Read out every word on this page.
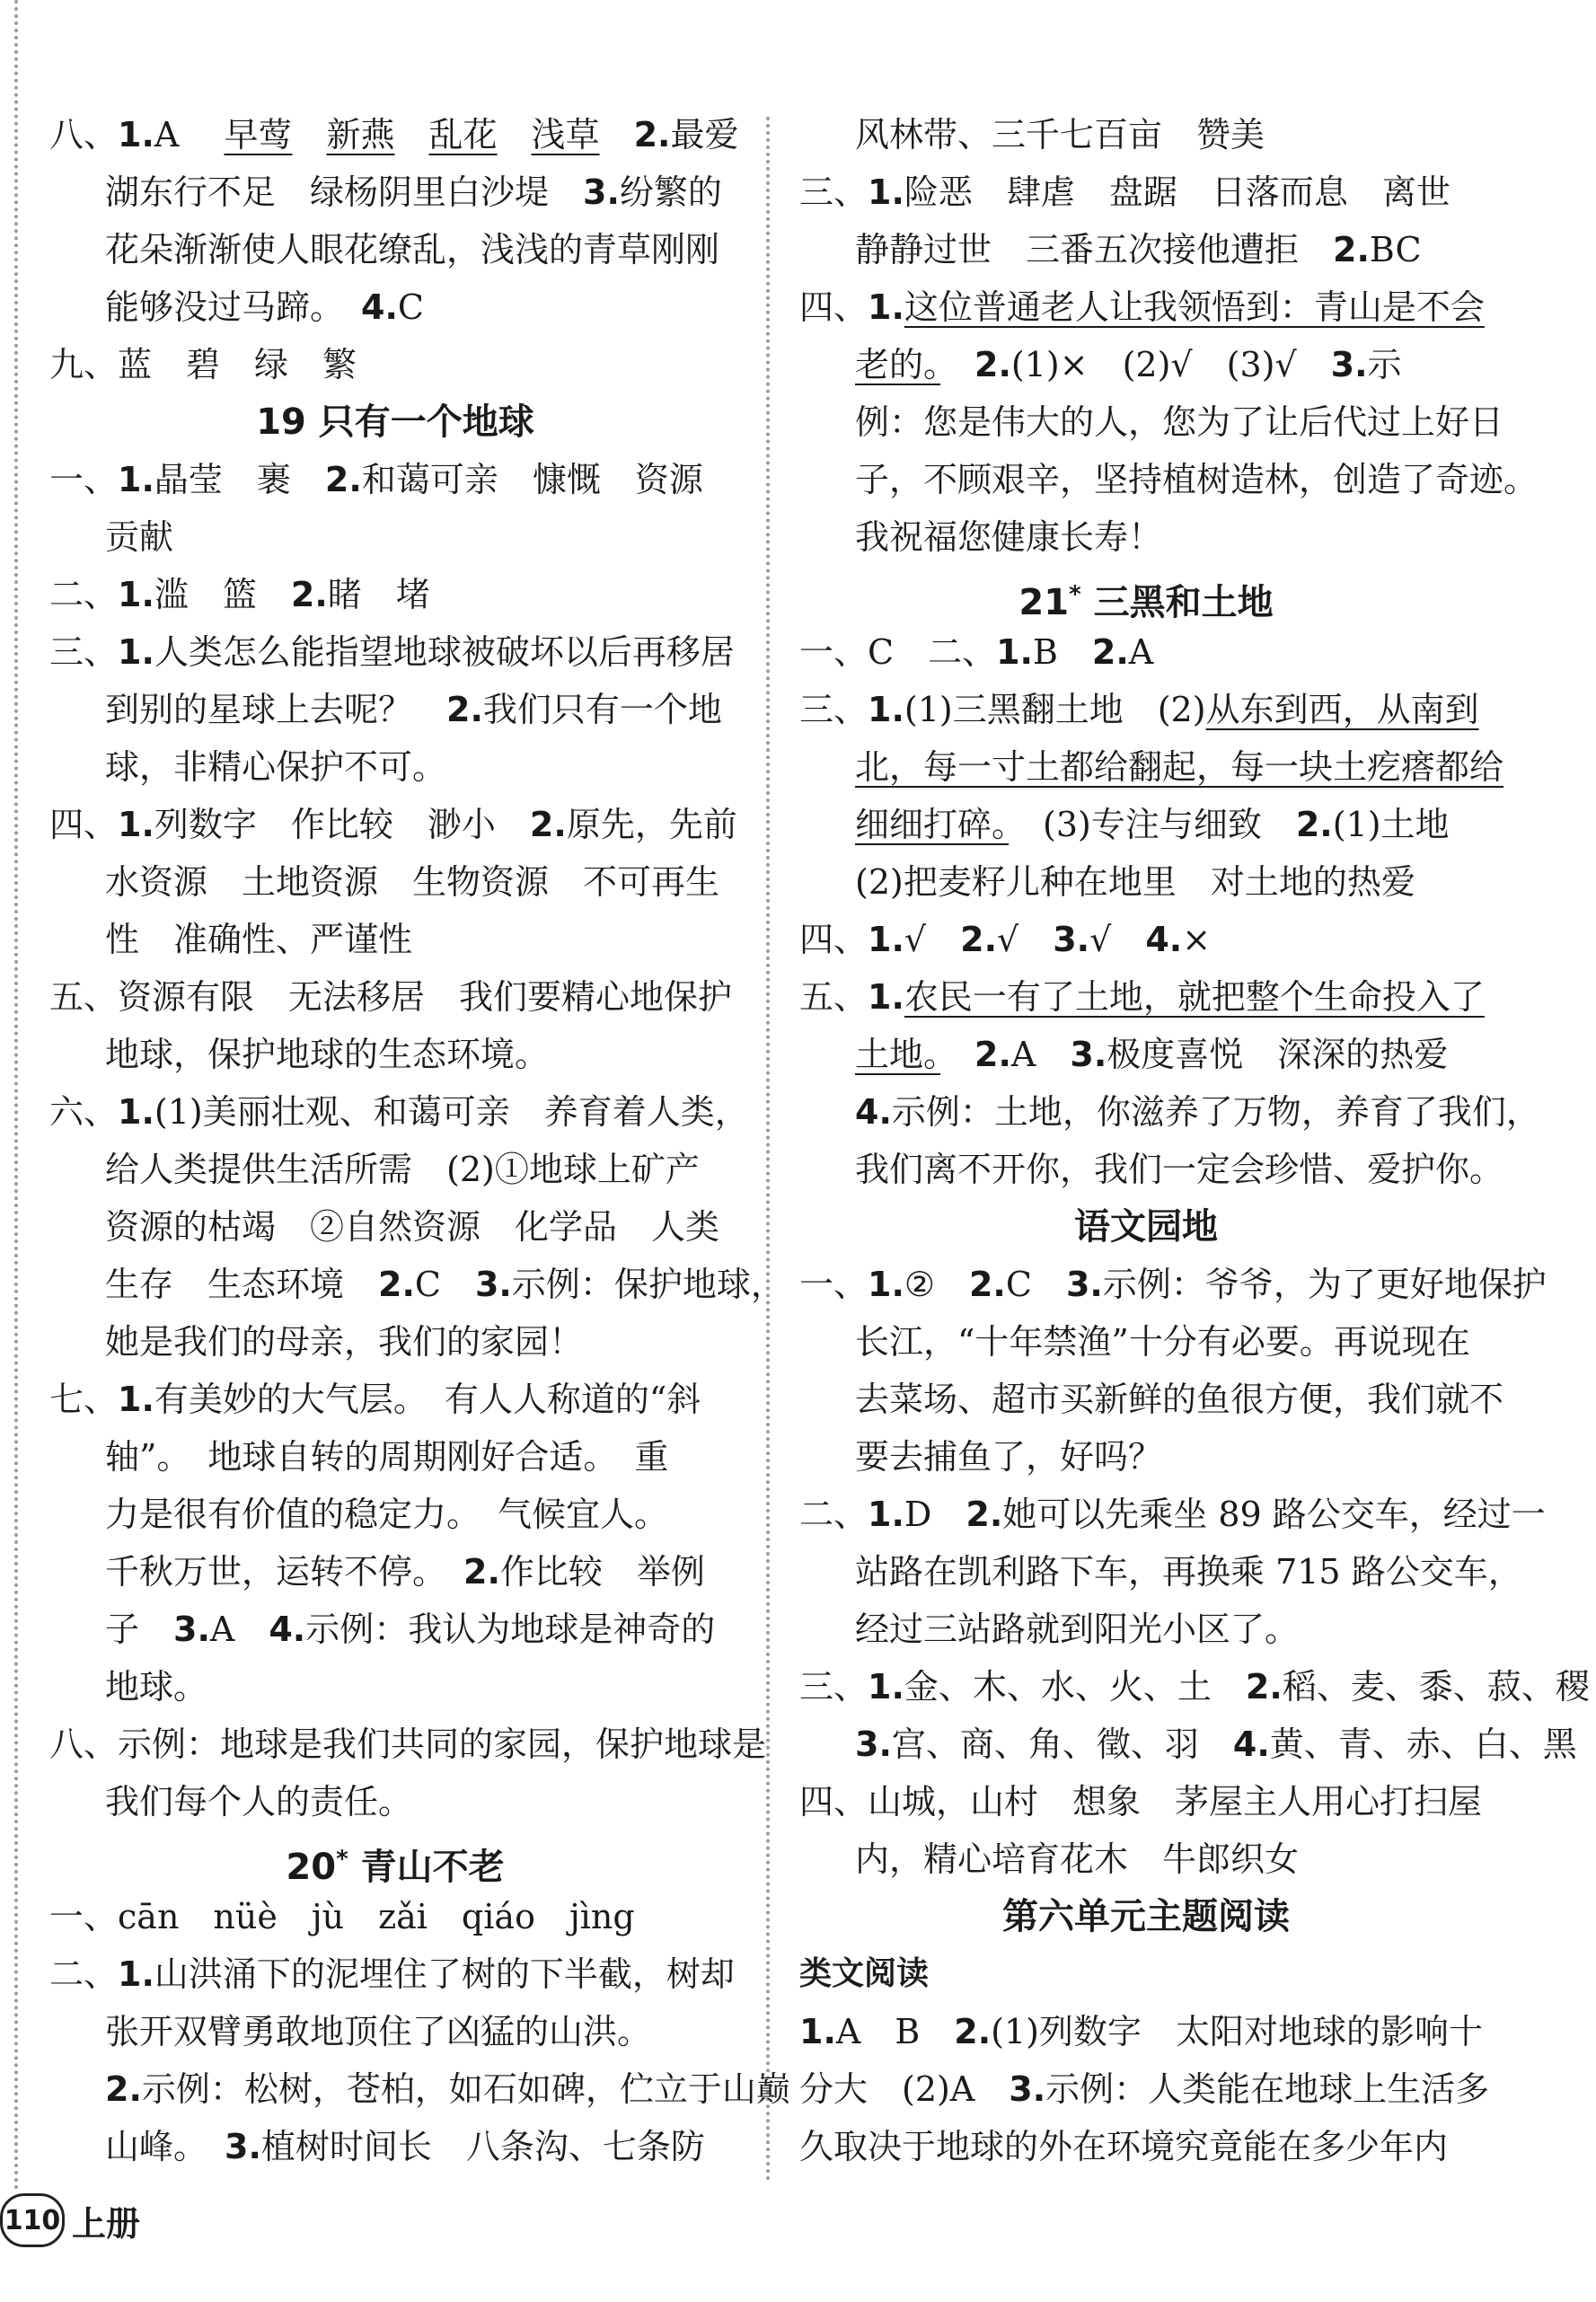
八、1.A　 早莺　 新燕　 乱花　 浅草　 2.最爱
湖东行不足　绿杨阴里白沙堤　3.纷繁的
花朵渐渐使人眼花缭乱，浅浅的青草刚刚
能够没过马蹄。　4.C
九、蓝　碧　绿　繁
19 只有一个地球
一、1.晶莹　裹　2.和蔼可亲　慷慨　资源
贡献
二、1.滥　篮　2.睹　堵
三、1.人类怎么能指望地球被破坏以后再移居
到别的星球上去呢？　2.我们只有一个地
球，非精心保护不可。
四、1.列数字　作比较　渺小　2.原先，先前
水资源　土地资源　生物资源　不可再生
性　准确性、严谨性
五、资源有限　无法移居　我们要精心地保护
地球，保护地球的生态环境。
六、1.(1)美丽壮观、和蔼可亲　养育着人类，
给人类提供生活所需　(2)①地球上矿产
资源的枯竭　②自然资源　化学品　人类
生存　生态环境　2.C　3.示例：保护地球，
她是我们的母亲，我们的家园！
七、1.有美妙的大气层。　有人人称道的“斜
轴”。　地球自转的周期刚好合适。　重
力是很有价值的稳定力。　气候宜人。
千秋万世，运转不停。　2.作比较　举例
子　3.A　4.示例：我认为地球是神奇的
地球。
八、示例：地球是我们共同的家园，保护地球是
我们每个人的责任。
20* 青山不老
一、cān　nüè　jù　zǎi　qiáo　jìng
二、1.山洪涌下的泥埋住了树的下半截，树却
张开双臂勇敢地顶住了凶猛的山洪。
2.示例：松树，苍柏，如石如碑，伫立于山巅
山峰。　3.植树时间长　八条沟、七条防
风林带、三千七百亩　赞美
三、1.险恶　肆虐　盘踞　日落而息　离世
静静过世　三番五次接他遭拒　2.BC
四、1.这位普通老人让我领悟到：青山是不会
老的。　 2.(1)×　(2)√　(3)√　3.示
例：您是伟大的人，您为了让后代过上好日
子，不顾艰辛，坚持植树造林，创造了奇迹。
我祝福您健康长寿！
21* 三黑和土地
一、C　二、1.B　2.A
三、1.(1)三黑翻土地　(2)从东到西，从南到
北，每一寸土都给翻起，每一块土疙瘩都给
细细打碎。　(3)专注与细致　2.(1)土地
(2)把麦籽儿种在地里　对土地的热爱
四、1.√　2.√　3.√　4.×
五、1.农民一有了土地，就把整个生命投入了
土地。　 2.A　3.极度喜悦　深深的热爱
4.示例：土地，你滋养了万物，养育了我们，
我们离不开你，我们一定会珍惜、爱护你。
语文园地
一、1.②　2.C　3.示例：爷爷，为了更好地保护
长江，“十年禁渔”十分有必要。再说现在
去菜场、超市买新鲜的鱼很方便，我们就不
要去捕鱼了，好吗？
二、1.D　2.她可以先乘坐 89 路公交车，经过一
站路在凯利路下车，再换乘 715 路公交车，
经过三站路就到阳光小区了。
三、1.金、木、水、火、土　2.稻、麦、黍、菽、稷
3.宫、商、角、徵、羽　4.黄、青、赤、白、黑
四、山城，山村　想象　茅屋主人用心打扫屋
内，精心培育花木　牛郎织女
第六单元主题阅读
类文阅读
1.A　B　2.(1)列数字　太阳对地球的影响十
分大　(2)A　3.示例：人类能在地球上生活多
久取决于地球的外在环境究竟能在多少年内
110 上册
